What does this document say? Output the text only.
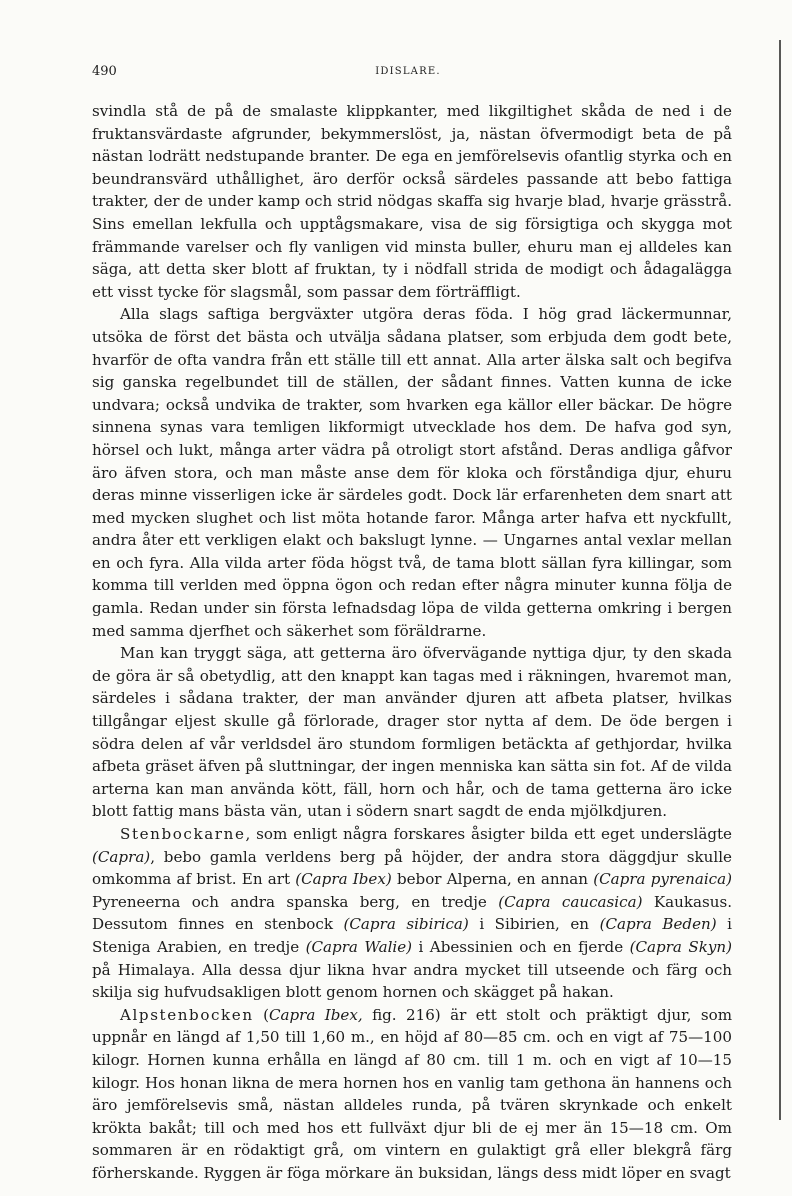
490	IDISLARE.

svindla stå de på de smalaste klippkanter, med likgiltighet skåda de ned i de fruktansvärdaste afgrunder, bekymmerslöst, ja, nästan öfvermodigt beta de på nästan lodrätt nedstupande branter. De ega en jemförelsevis ofantlig styrka och en beundransvärd uthållighet, äro derför också särdeles passande att bebo fattiga trakter, der de under kamp och strid nödgas skaffa sig hvarje blad, hvarje grässtrå. Sins emellan lekfulla och upptågsmakare, visa de sig försigtiga och skygga mot främmande varelser och fly vanligen vid minsta buller, ehuru man ej alldeles kan säga, att detta sker blott af fruktan, ty i nödfall strida de modigt och ådagalägga ett visst tycke för slagsmål, som passar dem förträffligt.

Alla slags saftiga bergväxter utgöra deras föda. I hög grad läckermunnar, utsöka de först det bästa och utvälja sådana platser, som erbjuda dem godt bete, hvarför de ofta vandra från ett ställe till ett annat. Alla arter älska salt och begifva sig ganska regelbundet till de ställen, der sådant finnes. Vatten kunna de icke undvara; också undvika de trakter, som hvarken ega källor eller bäckar. De högre sinnena synas vara temligen likformigt utvecklade hos dem. De hafva god syn, hörsel och lukt, många arter vädra på otroligt stort afstånd. Deras andliga gåfvor äro äfven stora, och man måste anse dem för kloka och förståndiga djur, ehuru deras minne visserligen icke är särdeles godt. Dock lär erfarenheten dem snart att med mycken slughet och list möta hotande faror. Många arter hafva ett nyckfullt, andra åter ett verkligen elakt och bakslugt lynne. — Ungarnes antal vexlar mellan en och fyra. Alla vilda arter föda högst två, de tama blott sällan fyra killingar, som komma till verlden med öppna ögon och redan efter några minuter kunna följa de gamla. Redan under sin första lefnadsdag löpa de vilda getterna omkring i bergen med samma djerfhet och säkerhet som föräldrarne.

Man kan tryggt säga, att getterna äro öfvervägande nyttiga djur, ty den skada de göra är så obetydlig, att den knappt kan tagas med i räkningen, hvaremot man, särdeles i sådana trakter, der man använder djuren att afbeta platser, hvilkas tillgångar eljest skulle gå förlorade, drager stor nytta af dem. De öde bergen i södra delen af vår verldsdel äro stundom formligen betäckta af gethjordar, hvilka afbeta gräset äfven på sluttningar, der ingen menniska kan sätta sin fot. Af de vilda arterna kan man använda kött, fäll, horn och hår, och de tama getterna äro icke blott fattig mans bästa vän, utan i södern snart sagdt de enda mjölkdjuren.

Stenbockarne, som enligt några forskares åsigter bilda ett eget underslägte (Capra), bebo gamla verldens berg på höjder, der andra stora däggdjur skulle omkomma af brist. En art (Capra Ibex) bebor Alperna, en annan (Capra pyrenaica) Pyreneerna och andra spanska berg, en tredje (Capra caucasica) Kaukasus. Dessutom finnes en stenbock (Capra sibirica) i Sibirien, en (Capra Beden) i Steniga Arabien, en tredje (Capra Walie) i Abessinien och en fjerde (Capra Skyn) på Himalaya. Alla dessa djur likna hvar andra mycket till utseende och färg och skilja sig hufvudsakligen blott genom hornen och skägget på hakan.

Alpstenbocken (Capra Ibex, fig. 216) är ett stolt och präktigt djur, som uppnår en längd af 1,50 till 1,60 m., en höjd af 80—85 cm. och en vigt af 75—100 kilogr. Hornen kunna erhålla en längd af 80 cm. till 1 m. och en vigt af 10—15 kilogr. Hos honan likna de mera hornen hos en vanlig tam gethona än hannens och äro jemförelsevis små, nästan alldeles runda, på tvären skrynkade och enkelt krökta bakåt; till och med hos ett fullväxt djur bli de ej mer än 15—18 cm. Om sommaren är en rödaktigt grå, om vintern en gulaktigt grå eller blekgrå färg förherskande. Ryggen är föga mörkare än buksidan, längs dess midt löper en svagt
